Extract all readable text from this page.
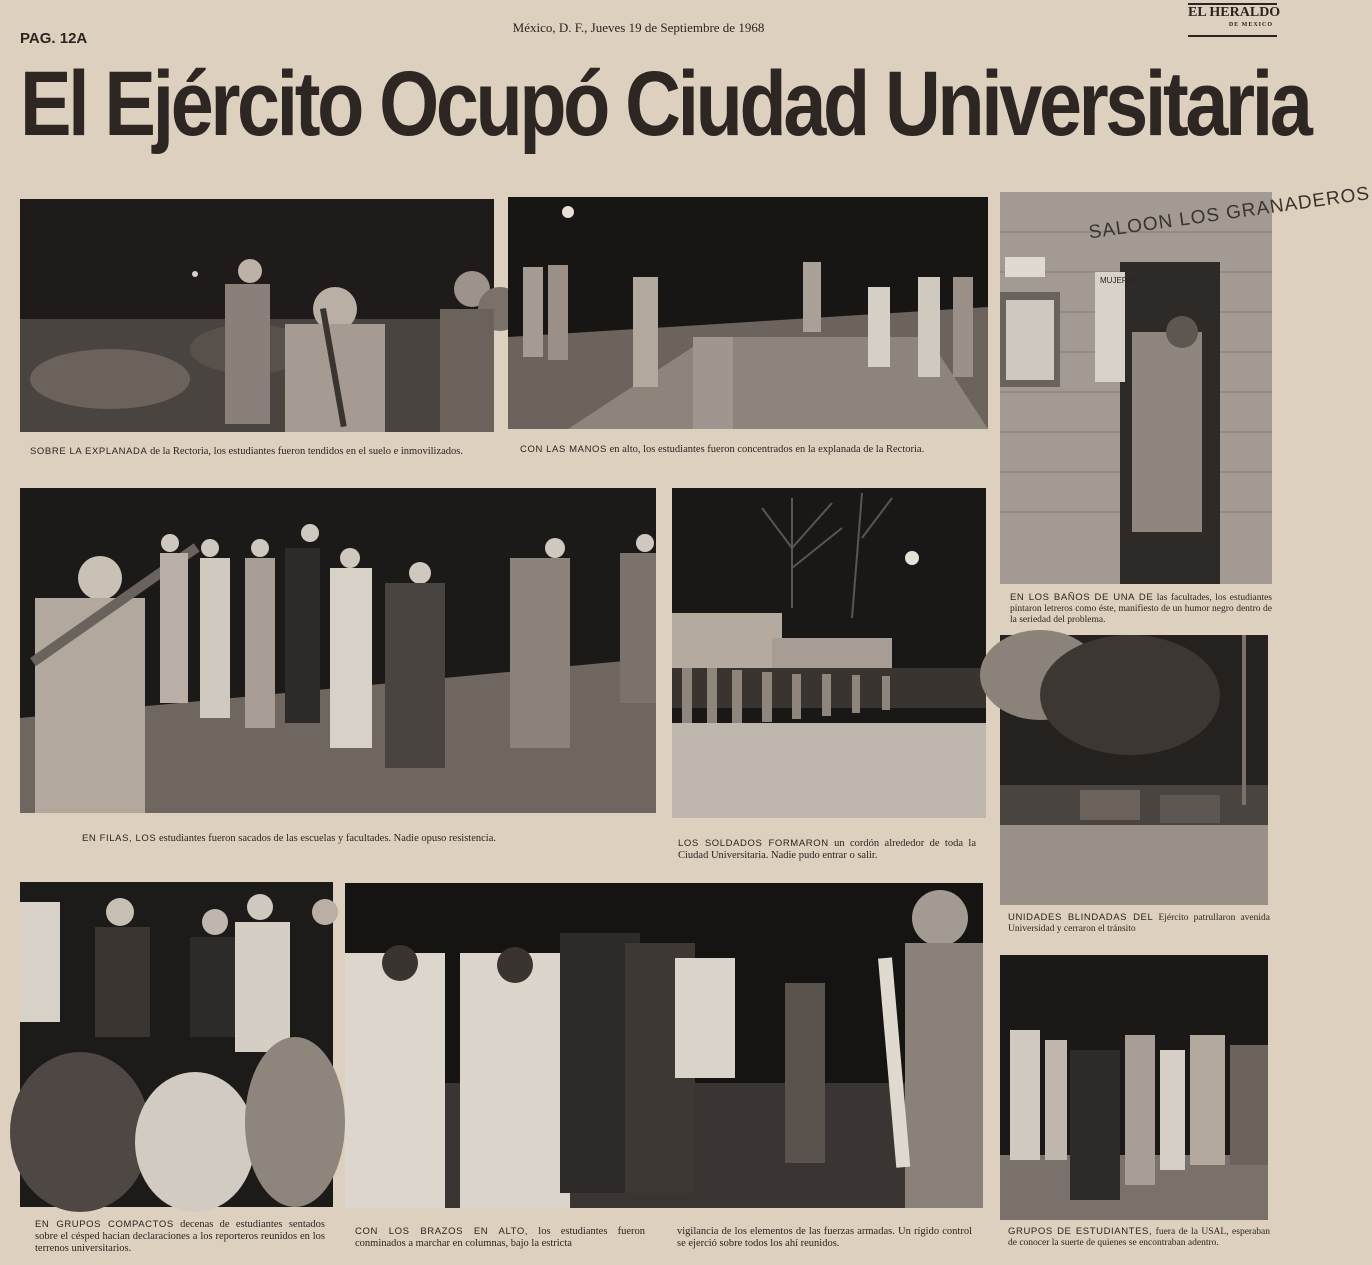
PAG. 12A
México, D. F., Jueves 19 de Septiembre de 1968
EL HERALDO
DE MEXICO
El Ejército Ocupó Ciudad Universitaria
SALOON LOS GRANADEROS
MUJERES
SOBRE LA EXPLANADA de la Rectoria, los estudiantes fueron tendidos en el suelo e inmovilizados.	CON LAS MANOS en alto, los estudiantes fueron concentrados en la explanada de la Rectoria.
EN LOS BAÑOS DE UNA DE las facultades, los estudiantes pintaron letreros como éste, manifiesto de un humor negro dentro de la seriedad del problema.
EN FILAS, LOS estudiantes fueron sacados de las escuelas y facultades. Nadie opuso resistencia.	LOS SOLDADOS FORMARON un cordón alrededor de toda la Ciudad Universitaria. Nadie pudo entrar o salir.
UNIDADES BLINDADAS DEL Ejército patrullaron avenida Universidad y cerraron el tránsito
EN GRUPOS COMPACTOS decenas de estudiantes sentados sobre el césped hacian declaraciones a los reporteros reunidos en los terrenos universitarios.
CON LOS BRAZOS EN ALTO, los estudiantes fueron conminados a marchar en columnas, bajo la estricta
vigilancia de los elementos de las fuerzas armadas. Un rígido control se ejerció sobre todos los ahí reunidos.
GRUPOS DE ESTUDIANTES, fuera de la USAL, esperaban de conocer la suerte de quienes se encontraban adentro.
